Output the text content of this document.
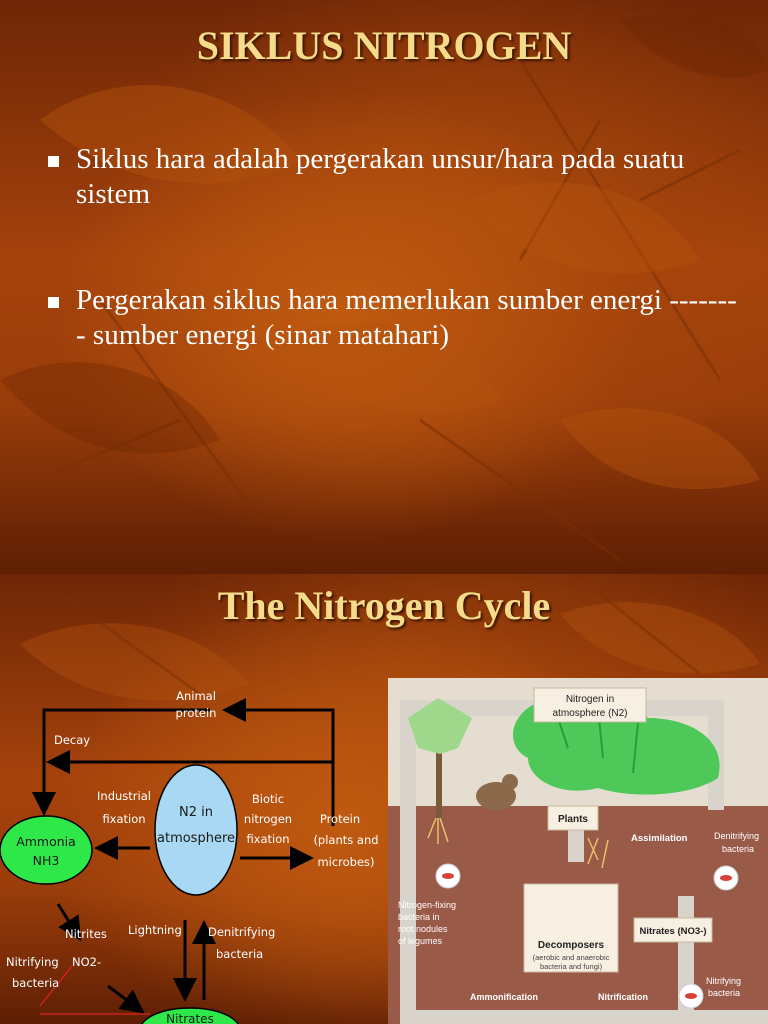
SIKLUS NITROGEN
Siklus hara adalah pergerakan unsur/hara pada suatu sistem
Pergerakan siklus hara memerlukan sumber energi -------- sumber energi (sinar matahari)
The Nitrogen Cycle
Ammonia
NH3
N2 in
atmosphere
Nitrates
Animal
protein
Decay
Industrial
fixation
Biotic
nitrogen
fixation
Protein
(plants and
microbes)
Nitrites
NO2-
Nitrifying
bacteria
Lightning Denitrifying
bacteria
Nitrogen in
atmosphere (N2)
Plants
Assimilation	Denitrifying
bacteria
Nitrogen-fixing
bacteria in
root nodules
of legumes	Decomposers
(aerobic and anaerobic
bacteria and fungi)
Nitrates (NO3-)
Nitrifying
bacteria
Ammonification	Nitrification
